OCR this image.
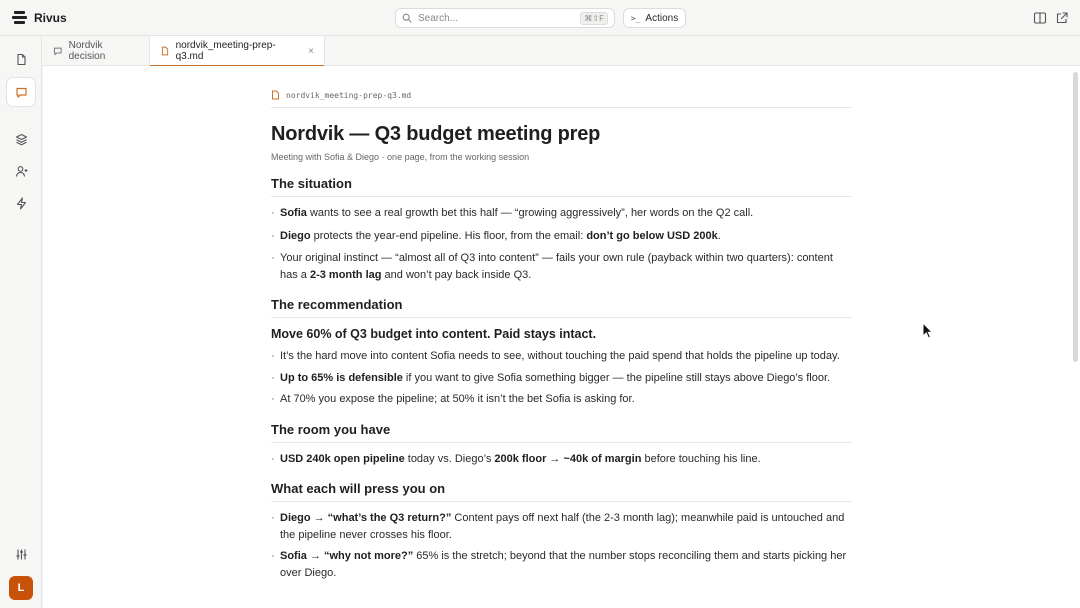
Rivus	Search...	⌘⇧F	>_ Actions
L
Nordvik decision
nordvik_meeting-prep-q3.md	×
nordvik_meeting-prep-q3.md
Nordvik — Q3 budget meeting prep
Meeting with Sofia & Diego · one page, from the working session
The situation
· Sofia wants to see a real growth bet this half — “growing aggressively”, her words on the Q2 call.
· Diego protects the year-end pipeline. His floor, from the email: don’t go below USD 200k.
· Your original instinct — “almost all of Q3 into content” — fails your own rule (payback within two quarters): content has a 2-3 month lag and won’t pay back inside Q3.
The recommendation
Move 60% of Q3 budget into content. Paid stays intact.
· It’s the hard move into content Sofia needs to see, without touching the paid spend that holds the pipeline up today.
· Up to 65% is defensible if you want to give Sofia something bigger — the pipeline still stays above Diego’s floor.
· At 70% you expose the pipeline; at 50% it isn’t the bet Sofia is asking for.
The room you have
· USD 240k open pipeline today vs. Diego’s 200k floor → ~40k of margin before touching his line.
What each will press you on
· Diego → “what’s the Q3 return?” Content pays off next half (the 2-3 month lag); meanwhile paid is untouched and the pipeline never crosses his floor.
· Sofia → “why not more?” 65% is the stretch; beyond that the number stops reconciling them and starts picking her over Diego.
